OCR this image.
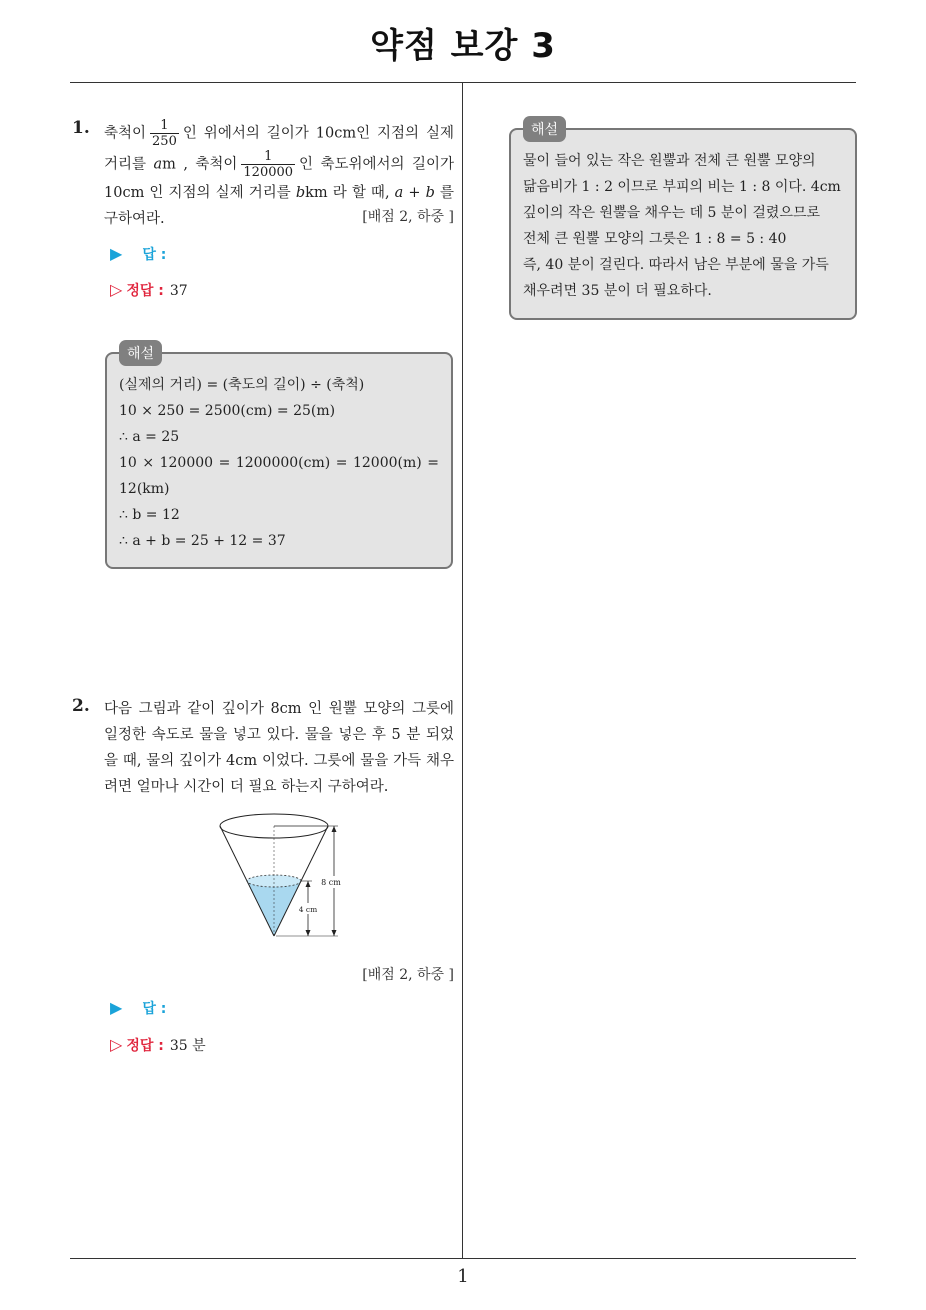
약점 보강 3
1. 축척이 $\frac{1}{250}$ 인 위에서의 길이가 10cm인 지점의 실제 거리를 am , 축척이 $\frac{1}{120000}$ 인 축도위에서의 길이가 10cm 인 지점의 실제 거리를 bkm 라 할 때, a + b 를 구하여라.	[배점 2, 하중 ]
▶ 답 :
▷ 정답 : 37
해설
(실제의 거리) = (축도의 길이) ÷ (축척)
10 × 250 = 2500(cm) = 25(m)
∴ a = 25
10 × 120000 = 1200000(cm) = 12000(m) =
12(km)
∴ b = 12
∴ a + b = 25 + 12 = 37
2. 다음 그림과 같이 깊이가 8cm 인 원뿔 모양의 그릇에 일정한 속도로 물을 넣고 있다. 물을 넣은 후 5 분 되었을 때, 물의 깊이가 4cm 이었다. 그릇에 물을 가득 채우려면 얼마나 시간이 더 필요 하는지 구하여라.
8 cm
4 cm
[배점 2, 하중 ]
▶ 답 :
▷ 정답 : 35 분
해설
물이 들어 있는 작은 원뿔과 전체 큰 원뿔 모양의
닮음비가 1 : 2 이므로 부피의 비는 1 : 8 이다. 4cm
깊이의 작은 원뿔을 채우는 데 5 분이 걸렸으므로
전체 큰 원뿔 모양의 그릇은 1 : 8 = 5 : 40
즉, 40 분이 걸린다. 따라서 남은 부분에 물을 가득
채우려면 35 분이 더 필요하다.
1
